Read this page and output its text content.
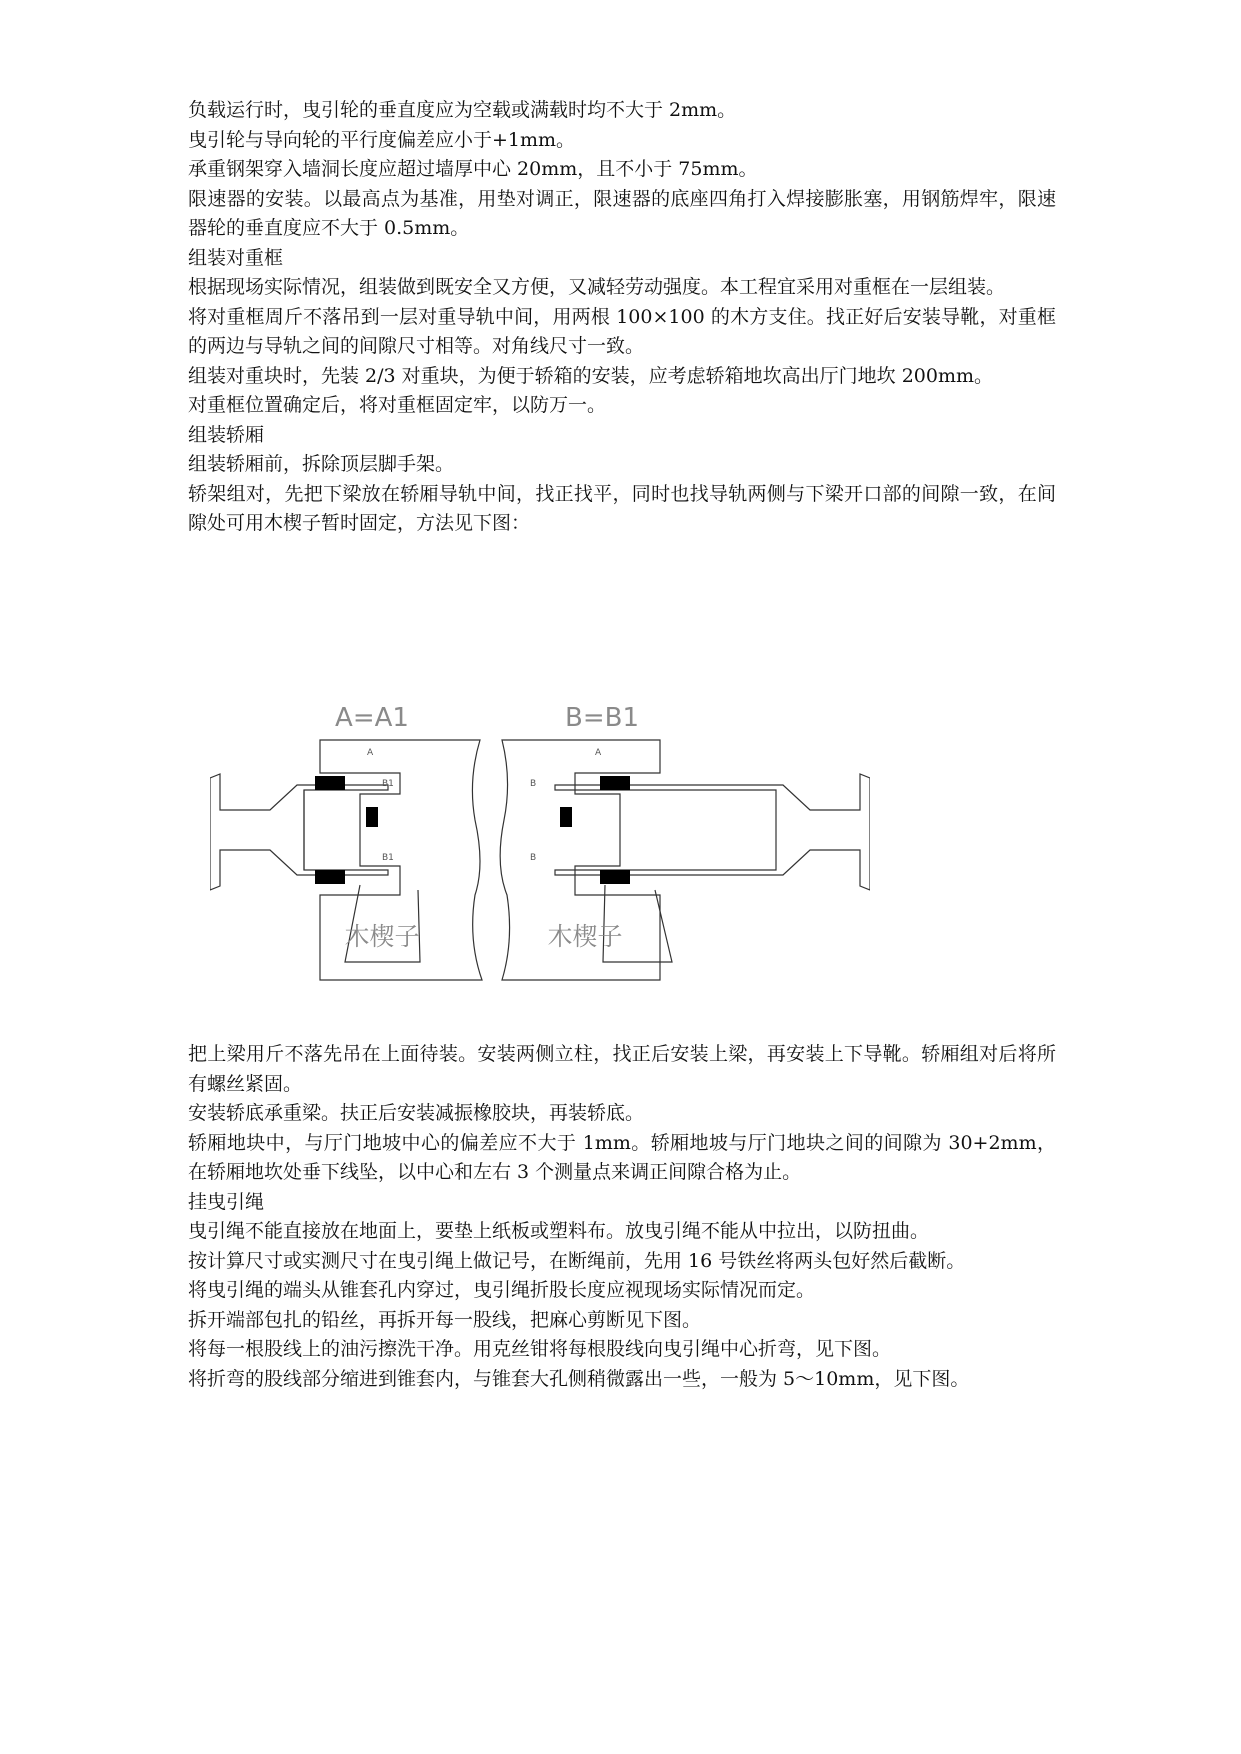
负载运行时，曳引轮的垂直度应为空载或满载时均不大于 2mm。

曳引轮与导向轮的平行度偏差应小于+1mm。

承重钢架穿入墙洞长度应超过墙厚中心 20mm，且不小于 75mm。

限速器的安装。以最高点为基准，用垫对调正，限速器的底座四角打入焊接膨胀塞，用钢筋焊牢，限速器轮的垂直度应不大于 0.5mm。

组装对重框

根据现场实际情况，组装做到既安全又方便，又减轻劳动强度。本工程宜采用对重框在一层组装。

将对重框周斤不落吊到一层对重导轨中间，用两根 100×100 的木方支住。找正好后安装导靴，对重框的两边与导轨之间的间隙尺寸相等。对角线尺寸一致。

组装对重块时，先装 2/3 对重块，为便于轿箱的安装，应考虑轿箱地坎高出厅门地坎 200mm。

对重框位置确定后，将对重框固定牢，以防万一。

组装轿厢

组装轿厢前，拆除顶层脚手架。

轿架组对，先把下梁放在轿厢导轨中间，找正找平，同时也找导轨两侧与下梁开口部的间隙一致，在间隙处可用木楔子暂时固定，方法见下图：

A=A1	B=B1
A
B1
B1
木楔子
A
B
B
木楔子

把上梁用斤不落先吊在上面待装。安装两侧立柱，找正后安装上梁，再安装上下导靴。轿厢组对后将所有螺丝紧固。

安装轿底承重梁。扶正后安装减振橡胶块，再装轿底。

轿厢地块中，与厅门地坡中心的偏差应不大于 1mm。轿厢地坡与厅门地块之间的间隙为 30+2mm，在轿厢地坎处垂下线坠，以中心和左右 3 个测量点来调正间隙合格为止。

挂曳引绳

曳引绳不能直接放在地面上，要垫上纸板或塑料布。放曳引绳不能从中拉出，以防扭曲。

按计算尺寸或实测尺寸在曳引绳上做记号，在断绳前，先用 16 号铁丝将两头包好然后截断。

将曳引绳的端头从锥套孔内穿过，曳引绳折股长度应视现场实际情况而定。

拆开端部包扎的铅丝，再拆开每一股线，把麻心剪断见下图。

将每一根股线上的油污擦洗干净。用克丝钳将每根股线向曳引绳中心折弯，见下图。

将折弯的股线部分缩进到锥套内，与锥套大孔侧稍微露出一些，一般为 5～10mm，见下图。
